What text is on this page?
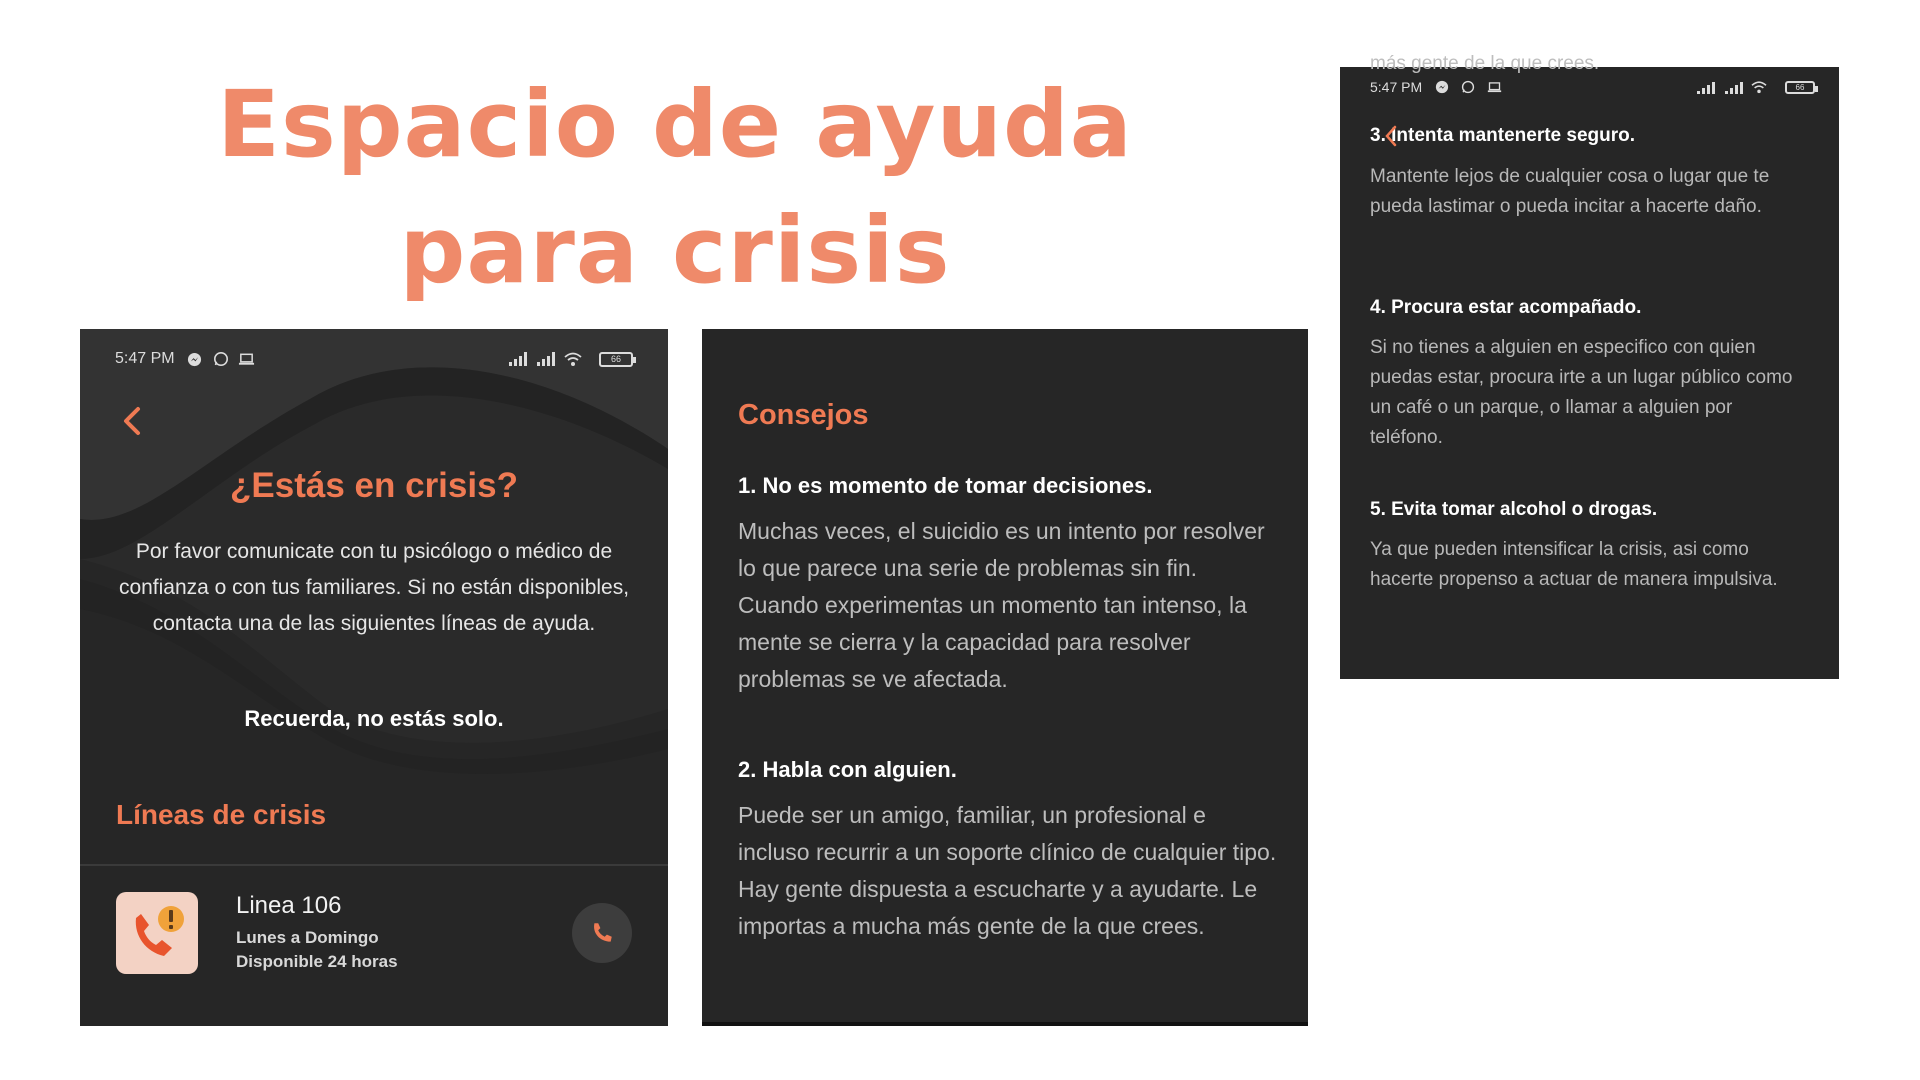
Espacio de ayuda
para crisis
5:47 PM	66
¿Estás en crisis?
Por favor comunicate con tu psicólogo o médico de confianza o con tus familiares. Si no están disponibles, contacta una de las siguientes líneas de ayuda.
Recuerda, no estás solo.
Líneas de crisis
Linea 106
Lunes a Domingo
Disponible 24 horas
Consejos
1. No es momento de tomar decisiones.
Muchas veces, el suicidio es un intento por resolver lo que parece una serie de problemas sin fin. Cuando experimentas un momento tan intenso, la mente se cierra y la capacidad para resolver problemas se ve afectada.
2. Habla con alguien.
Puede ser un amigo, familiar, un profesional e incluso recurrir a un soporte clínico de cualquier tipo. Hay gente dispuesta a escucharte y a ayudarte. Le importas a mucha más gente de la que crees.
más gente de la que crees.
5:47 PM	66
3. Intenta mantenerte seguro.
Mantente lejos de cualquier cosa o lugar que te pueda lastimar o pueda incitar a hacerte daño.
4. Procura estar acompañado.
Si no tienes a alguien en especifico con quien puedas estar, procura irte a un lugar público como un café o un parque, o llamar a alguien por teléfono.
5. Evita tomar alcohol o drogas.
Ya que pueden intensificar la crisis, asi como hacerte propenso a actuar de manera impulsiva.
